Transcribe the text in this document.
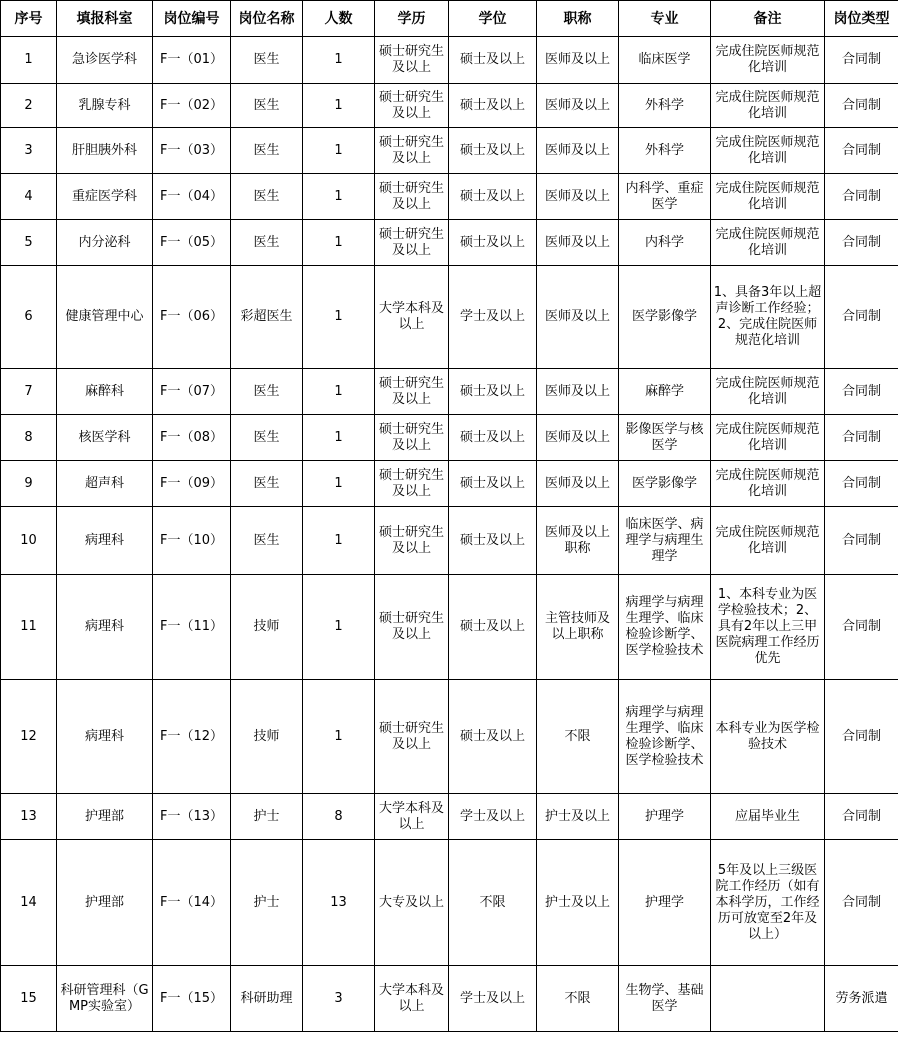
序号	填报科室	岗位编号	岗位名称	人数	学历	学位	职称	专业	备注	岗位类型
1	急诊医学科	F一（01）	医生	1	硕士研究生及以上	硕士及以上	医师及以上	临床医学	完成住院医师规范化培训	合同制
2	乳腺专科	F一（02）	医生	1	硕士研究生及以上	硕士及以上	医师及以上	外科学	完成住院医师规范化培训	合同制
3	肝胆胰外科	F一（03）	医生	1	硕士研究生及以上	硕士及以上	医师及以上	外科学	完成住院医师规范化培训	合同制
4	重症医学科	F一（04）	医生	1	硕士研究生及以上	硕士及以上	医师及以上	内科学、重症医学	完成住院医师规范化培训	合同制
5	内分泌科	F一（05）	医生	1	硕士研究生及以上	硕士及以上	医师及以上	内科学	完成住院医师规范化培训	合同制
6	健康管理中心	F一（06）	彩超医生	1	大学本科及以上	学士及以上	医师及以上	医学影像学	1、具备3年以上超声诊断工作经验；2、完成住院医师规范化培训	合同制
7	麻醉科	F一（07）	医生	1	硕士研究生及以上	硕士及以上	医师及以上	麻醉学	完成住院医师规范化培训	合同制
8	核医学科	F一（08）	医生	1	硕士研究生及以上	硕士及以上	医师及以上	影像医学与核医学	完成住院医师规范化培训	合同制
9	超声科	F一（09）	医生	1	硕士研究生及以上	硕士及以上	医师及以上	医学影像学	完成住院医师规范化培训	合同制
10	病理科	F一（10）	医生	1	硕士研究生及以上	硕士及以上	医师及以上职称	临床医学、病理学与病理生理学	完成住院医师规范化培训	合同制
11	病理科	F一（11）	技师	1	硕士研究生及以上	硕士及以上	主管技师及以上职称	病理学与病理生理学、临床检验诊断学、医学检验技术	1、本科专业为医学检验技术；2、具有2年以上三甲医院病理工作经历优先	合同制
12	病理科	F一（12）	技师	1	硕士研究生及以上	硕士及以上	不限	病理学与病理生理学、临床检验诊断学、医学检验技术	本科专业为医学检验技术	合同制
13	护理部	F一（13）	护士	8	大学本科及以上	学士及以上	护士及以上	护理学	应届毕业生	合同制
14	护理部	F一（14）	护士	13	大专及以上	不限	护士及以上	护理学	5年及以上三级医院工作经历（如有本科学历，工作经历可放宽至2年及以上）	合同制
15	科研管理科（GMP实验室）	F一（15）	科研助理	3	大学本科及以上	学士及以上	不限	生物学、基础医学		劳务派遣
